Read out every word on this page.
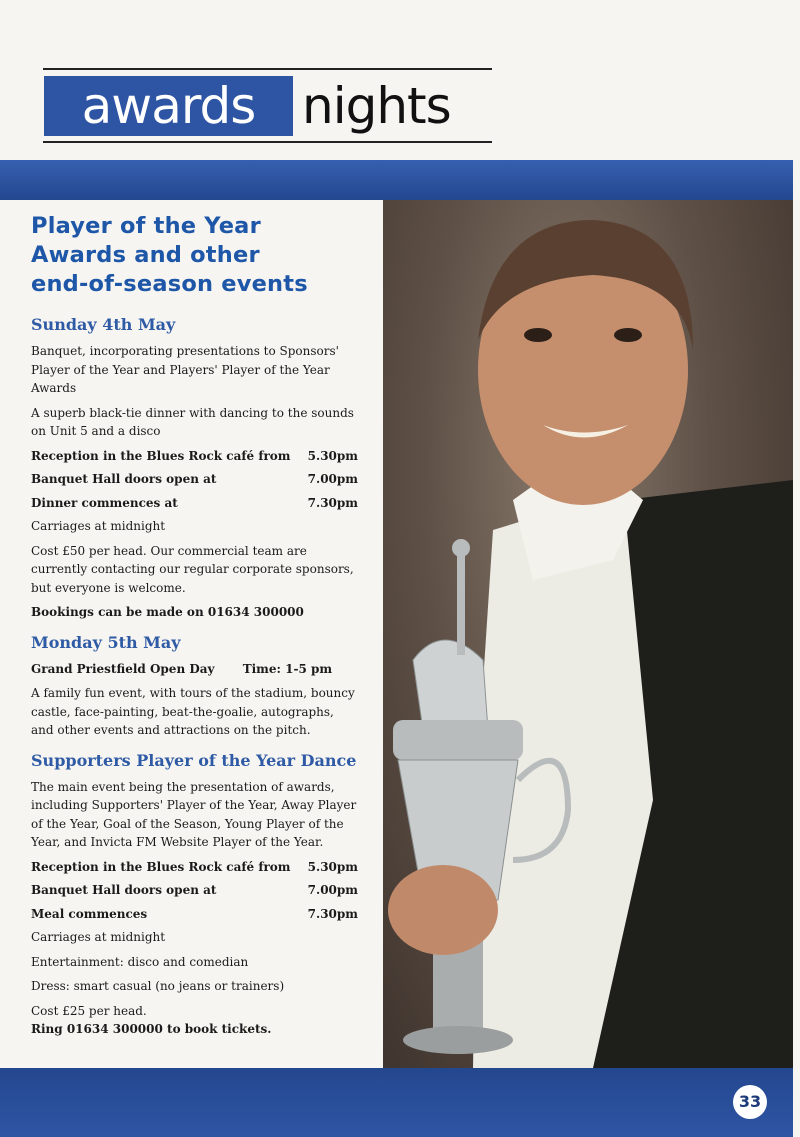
awards nights
Player of the Year
Awards and other
end-of-season events
Sunday 4th May

Banquet, incorporating presentations to Sponsors' Player of the Year and Players' Player of the Year Awards

A superb black-tie dinner with dancing to the sounds on Unit 5 and a disco

Reception in the Blues Rock café from 5.30pm
Banquet Hall doors open at	7.00pm
Dinner commences at	7.30pm

Carriages at midnight

Cost £50 per head. Our commercial team are currently contacting our regular corporate sponsors, but everyone is welcome.

Bookings can be made on 01634 300000

Monday 5th May

Grand Priestfield Open Day Time: 1-5 pm

A family fun event, with tours of the stadium, bouncy castle, face-painting, beat-the-goalie, autographs, and other events and attractions on the pitch.

Supporters Player of the Year Dance

The main event being the presentation of awards, including Supporters' Player of the Year, Away Player of the Year, Goal of the Season, Young Player of the Year, and Invicta FM Website Player of the Year.

Reception in the Blues Rock café from 5.30pm
Banquet Hall doors open at	7.00pm
Meal commences	7.30pm

Carriages at midnight

Entertainment: disco and comedian

Dress: smart casual (no jeans or trainers)

Cost £25 per head.

Ring 01634 300000 to book tickets.

33
